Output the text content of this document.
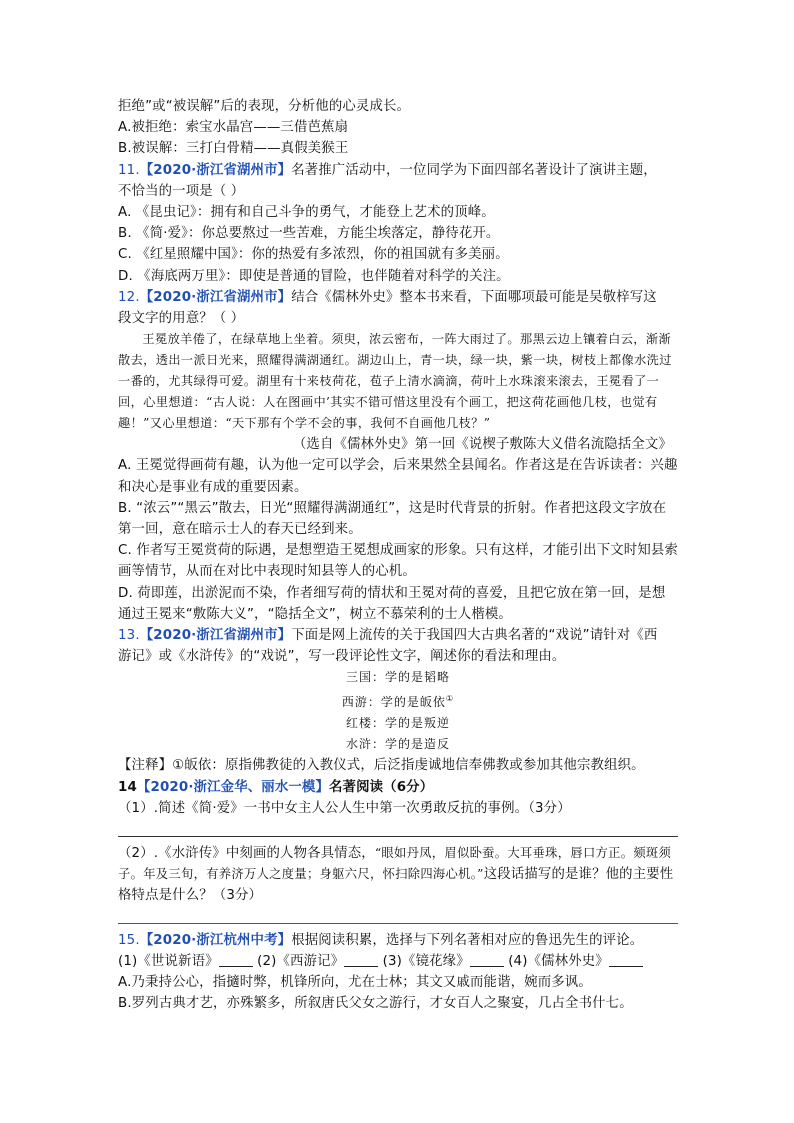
拒绝”或“被误解”后的表现，分析他的心灵成长。
A.被拒绝：索宝水晶宫——三借芭蕉扇
B.被误解：三打白骨精——真假美猴王
11.【2020·浙江省湖州市】名著推广活动中，一位同学为下面四部名著设计了演讲主题，
不恰当的一项是（ ）
A. 《昆虫记》：拥有和自己斗争的勇气，才能登上艺术的顶峰。
B. 《简·爱》：你总要熬过一些苦难，方能尘埃落定，静待花开。
C. 《红星照耀中国》：你的热爱有多浓烈，你的祖国就有多美丽。
D. 《海底两万里》：即使是普通的冒险，也伴随着对科学的关注。
12.【2020·浙江省湖州市】结合《儒林外史》整本书来看，下面哪项最可能是吴敬梓写这
段文字的用意？（ ）

王冕放羊倦了，在绿草地上坐着。须臾，浓云密布，一阵大雨过了。那黑云边上镶着白云，渐渐散去，透出一派日光来，照耀得满湖通红。湖边山上，青一块，绿一块，紫一块，树枝上都像水洗过一番的，尤其绿得可爱。湖里有十来枝荷花，苞子上清水滴滴，荷叶上水珠滚来滚去，王冕看了一回，心里想道：“古人说：人在图画中’其实不错可惜这里没有个画工，把这荷花画他几枝，也觉有趣！”又心里想道：“天下那有个学不会的事，我何不自画他几枝？”

（选自《儒林外史》第一回《说楔子敷陈大义借名流隐括全文》
A. 王冕觉得画荷有趣，认为他一定可以学会，后来果然全县闻名。作者这是在告诉读者：兴趣和决心是事业有成的重要因素。
B. “浓云”“黑云”散去，日光“照耀得满湖通红”，这是时代背景的折射。作者把这段文字放在第一回，意在暗示士人的春天已经到来。
C. 作者写王冕赏荷的际遇，是想塑造王冕想成画家的形象。只有这样，才能引出下文时知县索画等情节，从而在对比中表现时知县等人的心机。
D. 荷即莲，出淤泥而不染，作者细写荷的情状和王冕对荷的喜爱，且把它放在第一回，是想通过王冕来“敷陈大义”，“隐括全文”，树立不慕荣利的士人楷模。
13.【2020·浙江省湖州市】下面是网上流传的关于我国四大古典名著的“戏说”请针对《西
游记》或《水浒传》的“戏说”，写一段评论性文字，阐述你的看法和理由。
三国：学的是韬略
西游：学的是皈依①
红楼：学的是叛逆
水浒：学的是造反
【注释】①皈依：原指佛教徒的入教仪式，后泛指虔诚地信奉佛教或参加其他宗教组织。
14【2020·浙江金华、丽水一模】名著阅读（6分）
（1）.简述《简·爱》一书中女主人公人生中第一次勇敢反抗的事例。（3分）
（2）.《水浒传》中刻画的人物各具情态，“眼如丹凤，眉似卧蚕。大耳垂珠，唇口方正。颏斑须子。年及三旬，有养济万人之度量；身躯六尺，怀扫除四海心机。”这段话描写的是谁？他的主要性格特点是什么？（3分）
15.【2020·浙江杭州中考】根据阅读积累，选择与下列名著相对应的鲁迅先生的评论。
(1)《世说新语》	(2)《西游记》	(3)《镜花缘》	(4)《儒林外史》
A.乃秉持公心，指擿时弊，机锋所向，尤在士林；其文又戚而能谐，婉而多讽。
B.罗列古典才艺，亦殊繁多，所叙唐氏父女之游行，才女百人之聚宴，几占全书什七。
